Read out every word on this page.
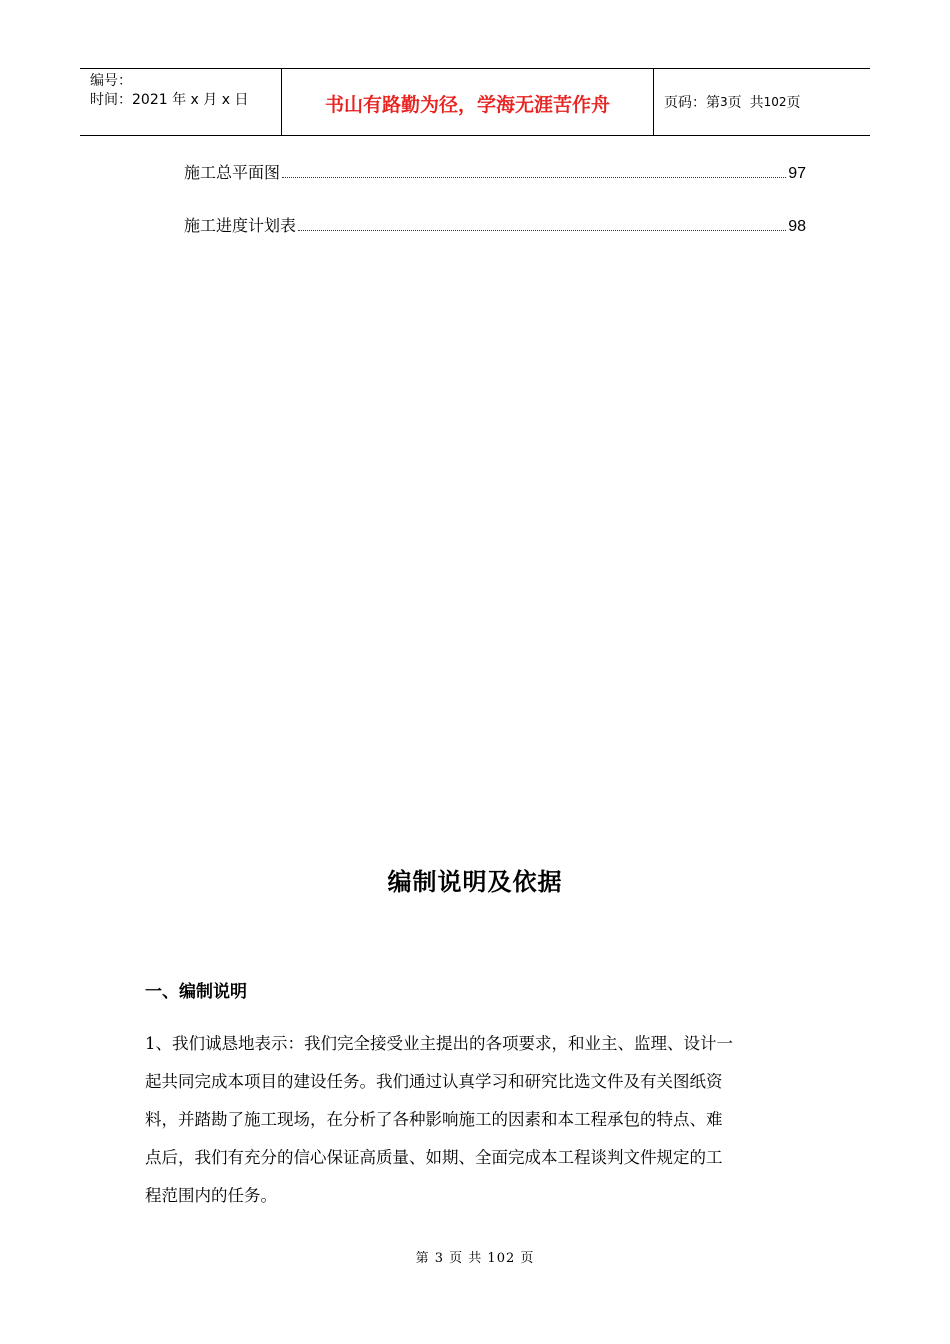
编号：
时间：2021 年 x 月 x 日	书山有路勤为径，学海无涯苦作舟	页码：第 3 页 共 102 页
施工总平面图	97
施工进度计划表	98
编制说明及依据
一、编制说明
1、我们诚恳地表示：我们完全接受业主提出的各项要求，和业主、监理、设计一
起共同完成本项目的建设任务。我们通过认真学习和研究比选文件及有关图纸资
料，并踏勘了施工现场，在分析了各种影响施工的因素和本工程承包的特点、难
点后，我们有充分的信心保证高质量、如期、全面完成本工程谈判文件规定的工
程范围内的任务。
第 3 页 共 102 页
